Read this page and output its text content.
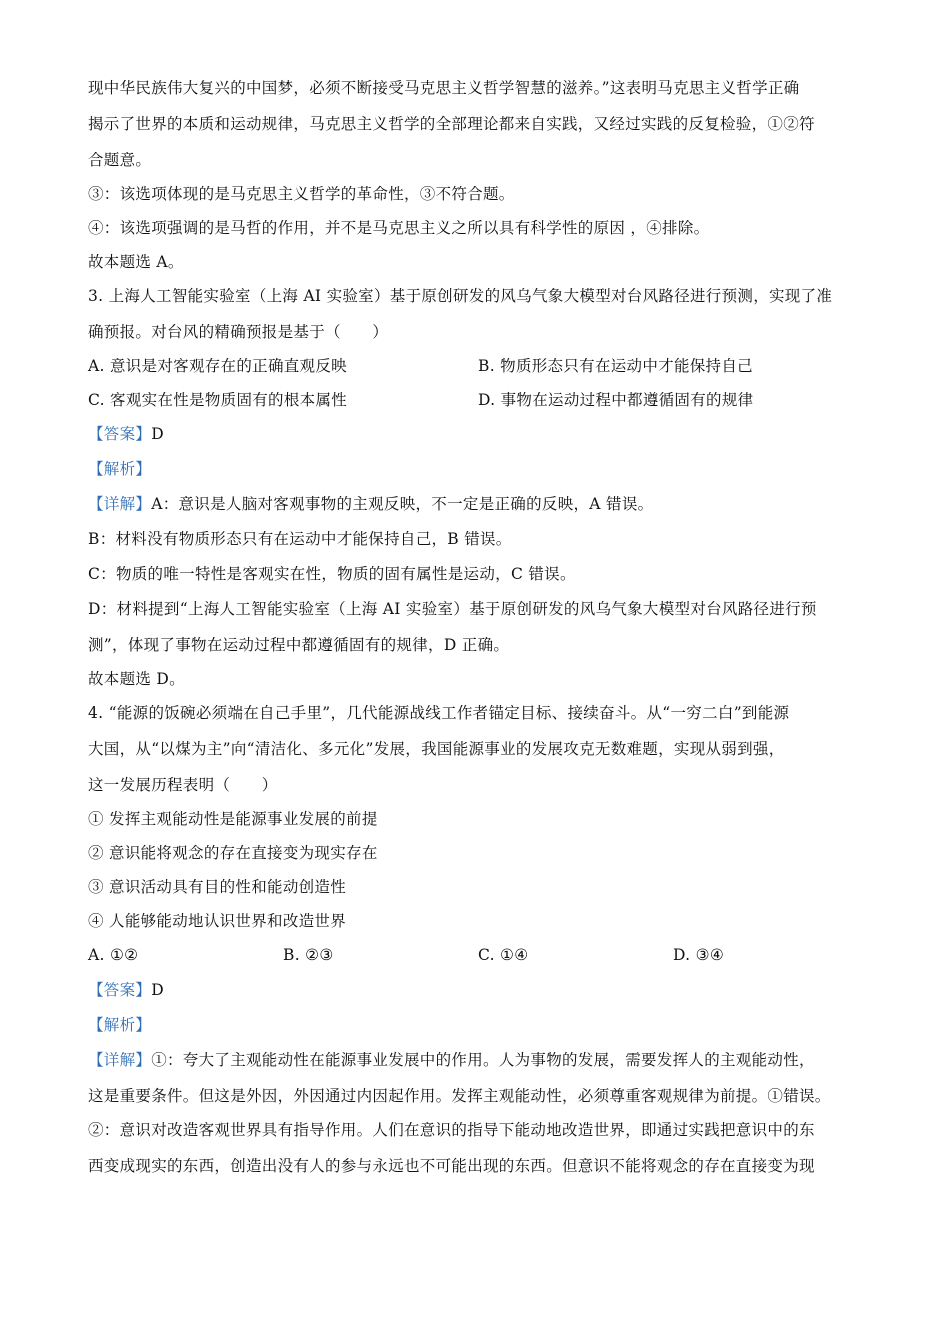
现中华民族伟大复兴的中国梦，必须不断接受马克思主义哲学智慧的滋养。”这表明马克思主义哲学正确
揭示了世界的本质和运动规律，马克思主义哲学的全部理论都来自实践，又经过实践的反复检验，①②符
合题意。
③：该选项体现的是马克思主义哲学的革命性，③不符合题。
④：该选项强调的是马哲的作用，并不是马克思主义之所以具有科学性的原因 ，④排除。
故本题选 A。
3. 上海人工智能实验室（上海 AI 实验室）基于原创研发的风乌气象大模型对台风路径进行预测，实现了准
确预报。对台风的精确预报是基于（　　）
A. 意识是对客观存在的正确直观反映	B. 物质形态只有在运动中才能保持自己
C. 客观实在性是物质固有的根本属性	D. 事物在运动过程中都遵循固有的规律
【答案】D
【解析】
【详解】A：意识是人脑对客观事物的主观反映，不一定是正确的反映，A 错误。
B：材料没有物质形态只有在运动中才能保持自己，B 错误。
C：物质的唯一特性是客观实在性，物质的固有属性是运动，C 错误。
D：材料提到“上海人工智能实验室（上海 AI 实验室）基于原创研发的风乌气象大模型对台风路径进行预
测”，体现了事物在运动过程中都遵循固有的规律，D 正确。
故本题选 D。
4. “能源的饭碗必须端在自己手里”，几代能源战线工作者锚定目标、接续奋斗。从“一穷二白”到能源
大国，从“以煤为主”向“清洁化、多元化”发展，我国能源事业的发展攻克无数难题，实现从弱到强，
这一发展历程表明（　　）
① 发挥主观能动性是能源事业发展的前提
② 意识能将观念的存在直接变为现实存在
③ 意识活动具有目的性和能动创造性
④ 人能够能动地认识世界和改造世界
A. ①②	B. ②③	C. ①④	D. ③④
【答案】D
【解析】
【详解】①：夸大了主观能动性在能源事业发展中的作用。人为事物的发展，需要发挥人的主观能动性，
这是重要条件。但这是外因，外因通过内因起作用。发挥主观能动性，必须尊重客观规律为前提。①错误。
②：意识对改造客观世界具有指导作用。人们在意识的指导下能动地改造世界，即通过实践把意识中的东
西变成现实的东西，创造出没有人的参与永远也不可能出现的东西。但意识不能将观念的存在直接变为现
